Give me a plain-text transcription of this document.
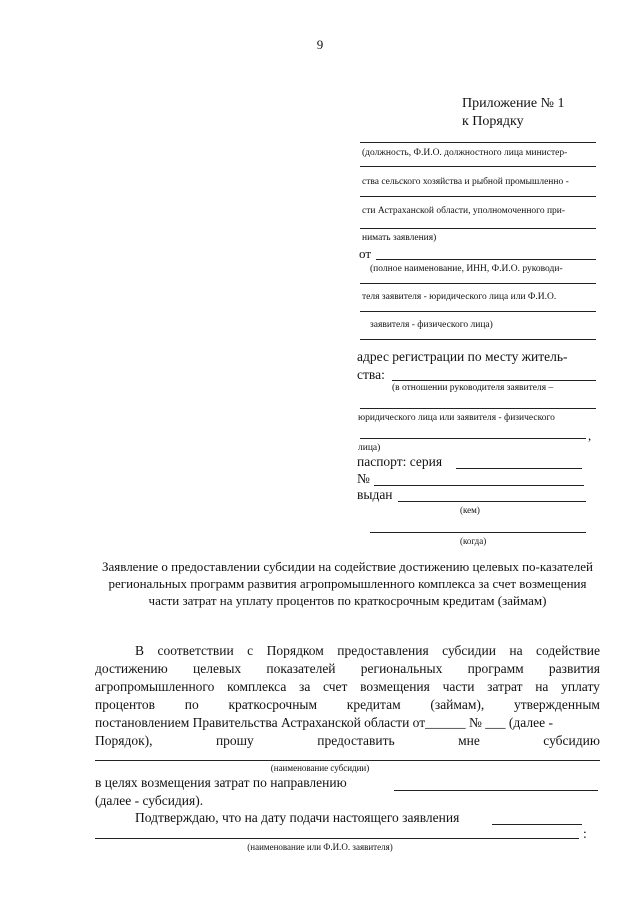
9
Приложение № 1
к Порядку
(должность, Ф.И.О. должностного лица министер-
ства сельского хозяйства и рыбной промышленно -
сти Астраханской области, уполномоченного при-
нимать заявления)
от
(полное наименование, ИНН, Ф.И.О. руководи-
теля заявителя - юридического лица или Ф.И.О.
заявителя - физического лица)
адрес регистрации по месту житель-
ства:
(в отношении руководителя заявителя –
юридического лица или заявителя - физического
,
лица)
паспорт: серия
№
выдан
(кем)
(когда)
Заявление о предоставлении субсидии на содействие достижению целевых по-казателей региональных программ развития агропромышленного комплекса за счет возмещения части затрат на уплату процентов по краткосрочным кредитам (займам)
В соответствии с Порядком предоставления субсидии на содействие
достижению целевых показателей региональных программ развития
агропромышленного комплекса за счет возмещения части затрат на уплату
процентов по краткосрочным кредитам (займам), утвержденным
постановлением Правительства Астраханской области от______ № ___ (далее -
Порядок),	прошу	предоставить	мне	субсидию
(наименование субсидии)
в целях возмещения затрат по направлению
(далее - субсидия).
Подтверждаю, что на дату подачи настоящего заявления
:
(наименование или Ф.И.О. заявителя)
